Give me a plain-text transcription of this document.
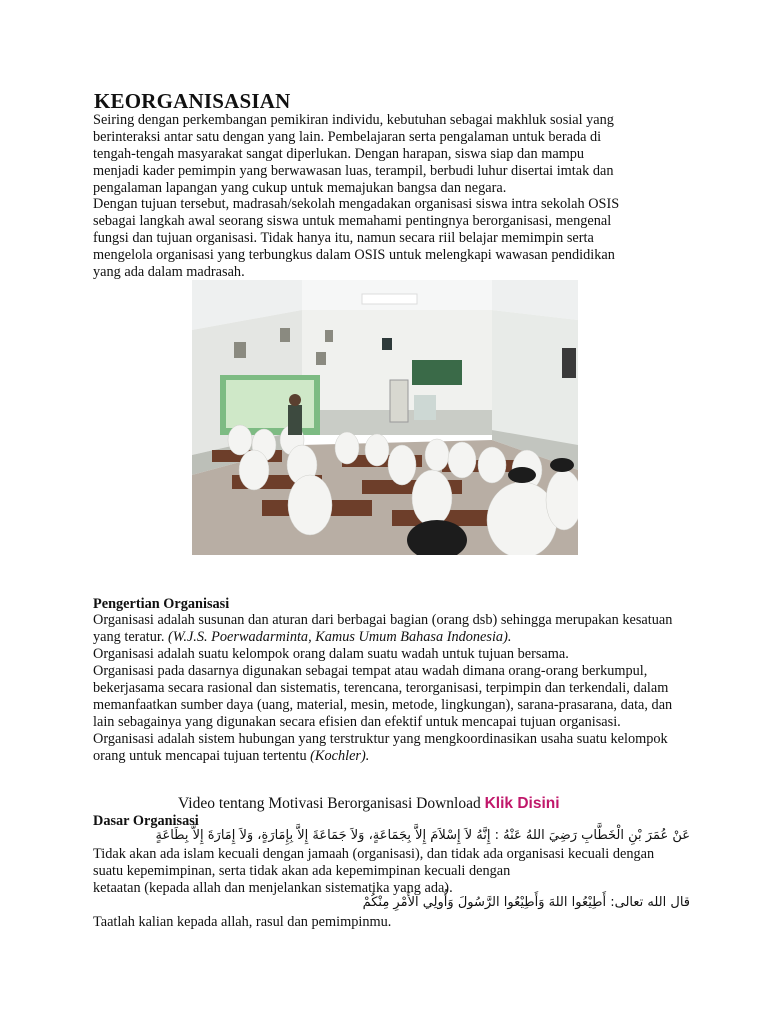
KEORGANISASIAN

Seiring dengan perkembangan pemikiran individu, kebutuhan sebagai makhluk sosial yang
berinteraksi antar satu dengan yang lain. Pembelajaran serta pengalaman untuk berada di
tengah-tengah masyarakat sangat diperlukan. Dengan harapan, siswa siap dan mampu
menjadi kader pemimpin yang berwawasan luas, terampil, berbudi luhur disertai imtak dan
pengalaman lapangan yang cukup untuk memajukan bangsa dan negara.

Dengan tujuan tersebut, madrasah/sekolah mengadakan organisasi siswa intra sekolah OSIS
sebagai langkah awal seorang siswa untuk memahami pentingnya berorganisasi, mengenal
fungsi dan tujuan organisasi. Tidak hanya itu, namun secara riil belajar memimpin serta
mengelola organisasi yang terbungkus dalam OSIS untuk melengkapi wawasan pendidikan
yang ada dalam madrasah.

Pengertian Organisasi

Organisasi adalah susunan dan aturan dari berbagai bagian (orang dsb) sehingga merupakan kesatuan yang teratur. (W.J.S. Poerwadarminta, Kamus Umum Bahasa Indonesia).

Organisasi adalah suatu kelompok orang dalam suatu wadah untuk tujuan bersama.

Organisasi pada dasarnya digunakan sebagai tempat atau wadah dimana orang-orang berkumpul, bekerjasama secara rasional dan sistematis, terencana, terorganisasi, terpimpin dan terkendali, dalam memanfaatkan sumber daya (uang, material, mesin, metode, lingkungan), sarana-prasarana, data, dan lain sebagainya yang digunakan secara efisien dan efektif untuk mencapai tujuan organisasi.

Organisasi adalah sistem hubungan yang terstruktur yang mengkoordinasikan usaha suatu kelompok orang untuk mencapai tujuan tertentu (Kochler).

Video tentang Motivasi Berorganisasi Download Klik Disini
Dasar Organisasi
عَنْ عُمَرَ بْنِ الْخَطَّابِ رَضِيَ اللهُ عَنْهُ : إِنَّهُ لاَ إِسْلاَمَ إِلاَّ بِجَمَاعَةٍ، وَلاَ جَمَاعَةَ إِلاَّ بِإِمَارَةٍ، وَلاَ إِمَارَةَ إِلاَّ بِطَاعَةٍ

Tidak akan ada islam kecuali dengan jamaah (organisasi), dan tidak ada organisasi kecuali dengan suatu kepemimpinan, serta tidak akan ada kepemimpinan kecuali dengan

ketaatan (kepada allah dan menjelankan sistematika yang ada).

قال الله تعالى: أَطِيْعُوا اللهَ وَأَطِيْعُوا الرَّسُولَ وَأُولِي الأَمْرِ مِنْكُمْ
Taatlah kalian kepada allah, rasul dan pemimpinmu.
